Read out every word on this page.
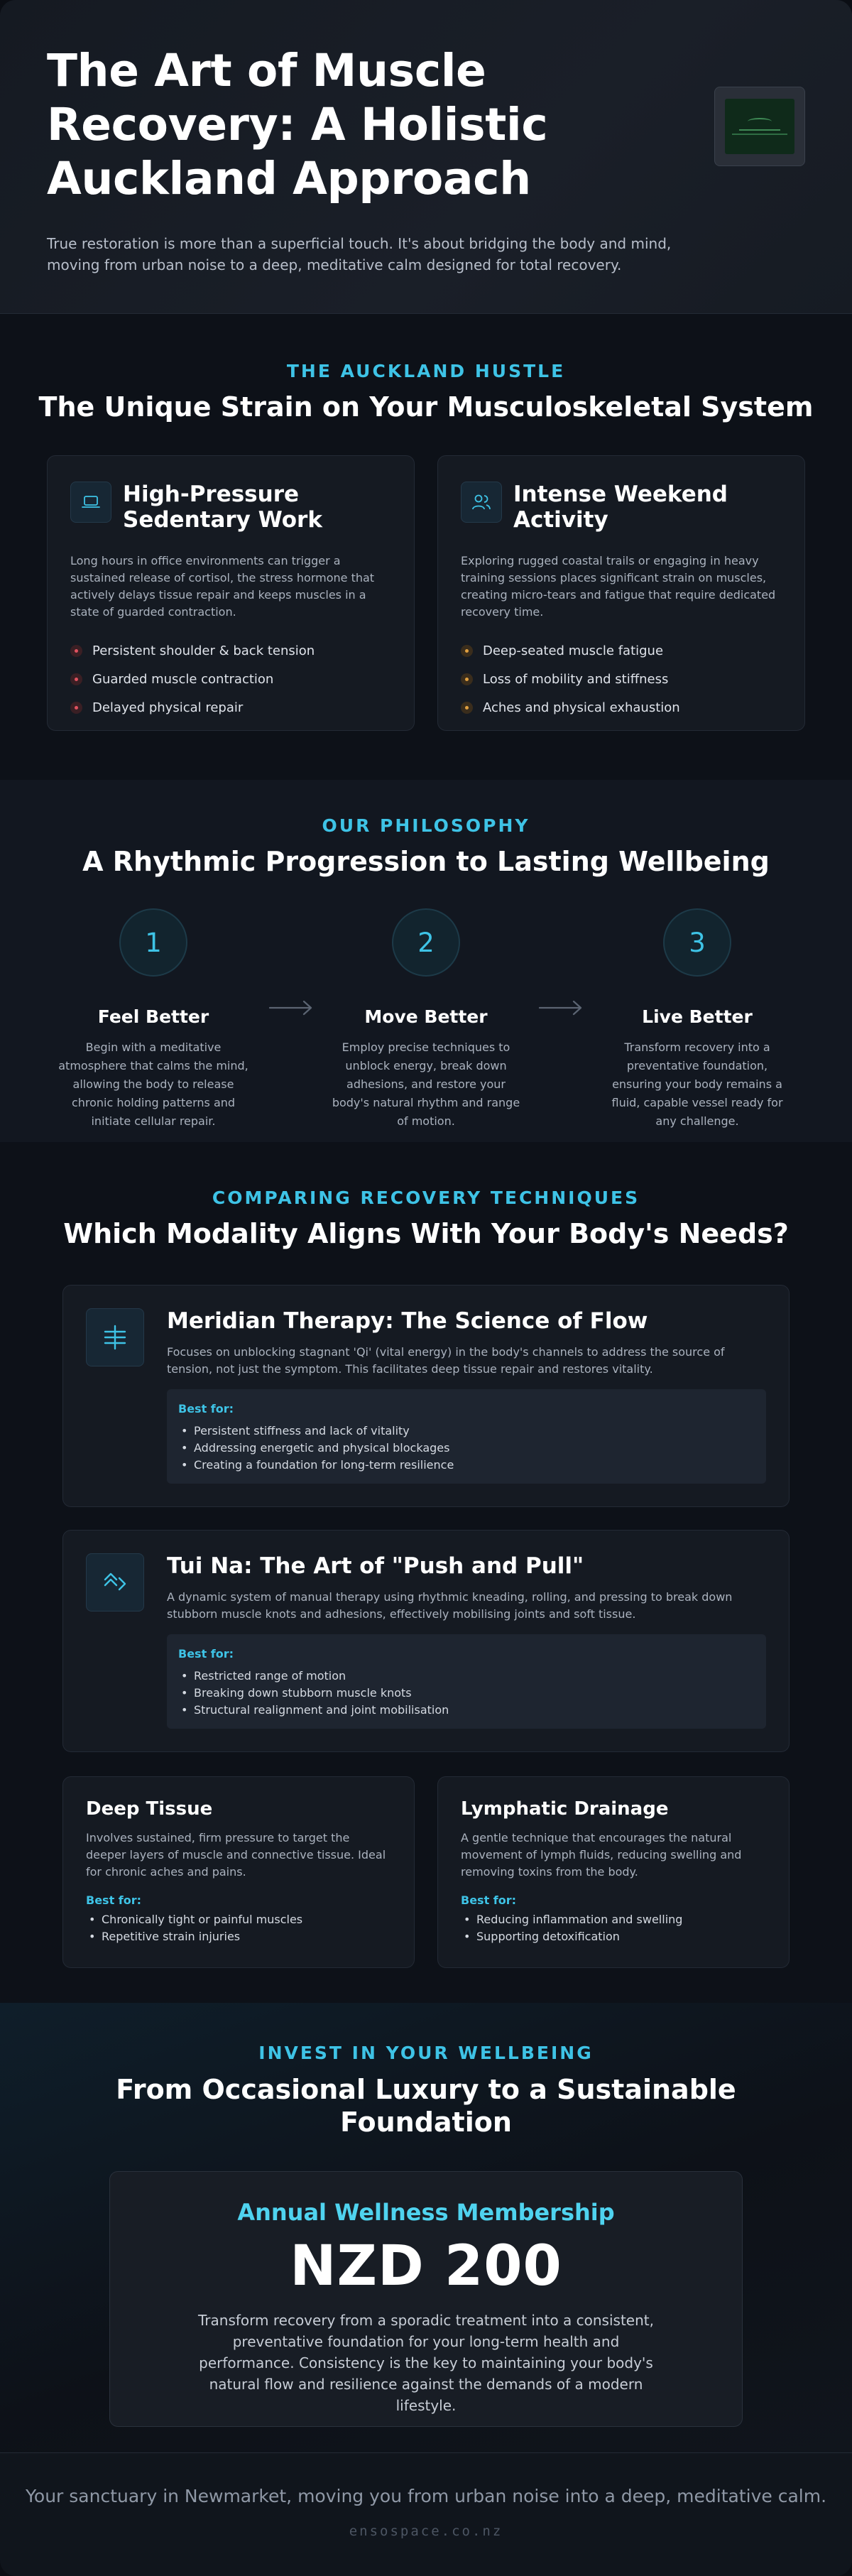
The Art of Muscle Recovery: A Holistic Auckland Approach

True restoration is more than a superficial touch. It's about bridging the body and mind, moving from urban noise to a deep, meditative calm designed for total recovery.

THE AUCKLAND HUSTLE
The Unique Strain on Your Musculoskeletal System
High-Pressure Sedentary Work

Long hours in office environments can trigger a sustained release of cortisol, the stress hormone that actively delays tissue repair and keeps muscles in a state of guarded contraction.

Persistent shoulder & back tension
Guarded muscle contraction
Delayed physical repair
Intense Weekend Activity

Exploring rugged coastal trails or engaging in heavy training sessions places significant strain on muscles, creating micro-tears and fatigue that require dedicated recovery time.

Deep-seated muscle fatigue
Loss of mobility and stiffness
Aches and physical exhaustion
OUR PHILOSOPHY
A Rhythmic Progression to Lasting Wellbeing
1
Feel Better

Begin with a meditative atmosphere that calms the mind, allowing the body to release chronic holding patterns and initiate cellular repair.

2
Move Better

Employ precise techniques to unblock energy, break down adhesions, and restore your body's natural rhythm and range of motion.

3
Live Better

Transform recovery into a preventative foundation, ensuring your body remains a fluid, capable vessel ready for any challenge.

COMPARING RECOVERY TECHNIQUES
Which Modality Aligns With Your Body's Needs?
Meridian Therapy: The Science of Flow

Focuses on unblocking stagnant 'Qi' (vital energy) in the body's channels to address the source of tension, not just the symptom. This facilitates deep tissue repair and restores vitality.

Best for:
• Persistent stiffness and lack of vitality
• Addressing energetic and physical blockages
• Creating a foundation for long-term resilience
Tui Na: The Art of "Push and Pull"

A dynamic system of manual therapy using rhythmic kneading, rolling, and pressing to break down stubborn muscle knots and adhesions, effectively mobilising joints and soft tissue.

Best for:
• Restricted range of motion
• Breaking down stubborn muscle knots
• Structural realignment and joint mobilisation
Deep Tissue

Involves sustained, firm pressure to target the deeper layers of muscle and connective tissue. Ideal for chronic aches and pains.

Best for:
• Chronically tight or painful muscles
• Repetitive strain injuries
Lymphatic Drainage

A gentle technique that encourages the natural movement of lymph fluids, reducing swelling and removing toxins from the body.

Best for:
• Reducing inflammation and swelling
• Supporting detoxification
INVEST IN YOUR WELLBEING
From Occasional Luxury to a Sustainable Foundation
Annual Wellness Membership
NZD 200

Transform recovery from a sporadic treatment into a consistent, preventative foundation for your long-term health and performance. Consistency is the key to maintaining your body's natural flow and resilience against the demands of a modern lifestyle.

Your sanctuary in Newmarket, moving you from urban noise into a deep, meditative calm.
ensospace.co.nz
